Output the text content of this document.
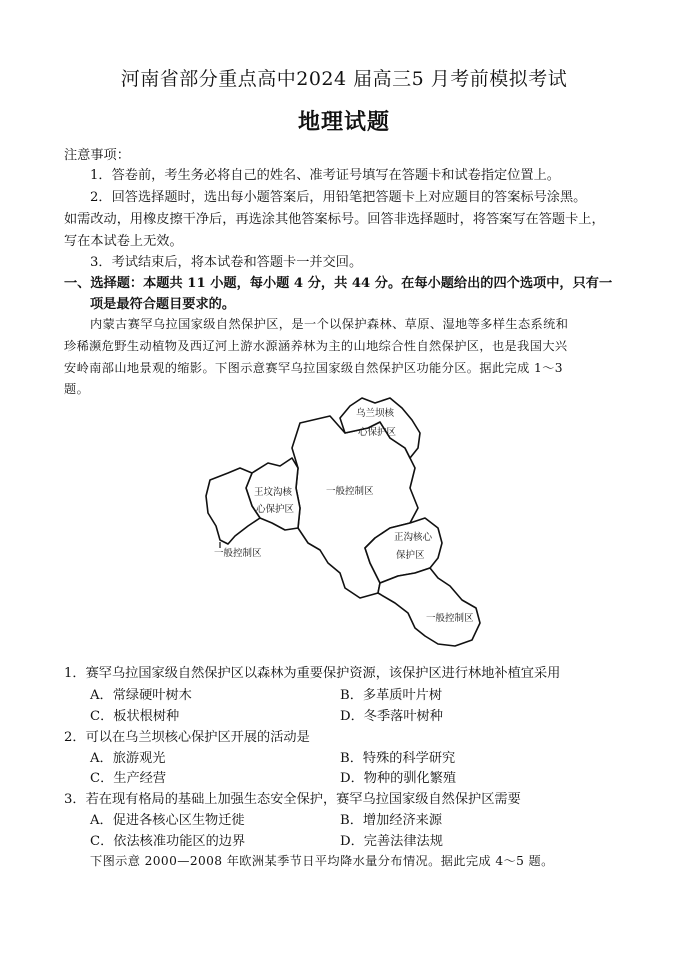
河南省部分重点高中2024 届高三5 月考前模拟考试
地理试题
注意事项：
1．答卷前，考生务必将自己的姓名、准考证号填写在答题卡和试卷指定位置上。
2．回答选择题时，选出每小题答案后，用铅笔把答题卡上对应题目的答案标号涂黑。
如需改动，用橡皮擦干净后，再选涂其他答案标号。回答非选择题时，将答案写在答题卡上，
写在本试卷上无效。
3．考试结束后，将本试卷和答题卡一并交回。
一、选择题：本题共 11 小题，每小题 4 分，共 44 分。在每小题给出的四个选项中，只有一
项是最符合题目要求的。
内蒙古赛罕乌拉国家级自然保护区，是一个以保护森林、草原、湿地等多样生态系统和
珍稀濒危野生动植物及西辽河上游水源涵养林为主的山地综合性自然保护区，也是我国大兴
安岭南部山地景观的缩影。下图示意赛罕乌拉国家级自然保护区功能分区。据此完成 1～3
题。
乌兰坝核
心保护区
一般控制区
王坟沟核
心保护区
正沟核心
保护区
一般控制区
一般控制区
1．赛罕乌拉国家级自然保护区以森林为重要保护资源，该保护区进行林地补植宜采用
A．常绿硬叶树木	B．多革质叶片树
C．板状根树种	D．冬季落叶树种
2．可以在乌兰坝核心保护区开展的活动是
A．旅游观光	B．特殊的科学研究
C．生产经营	D．物种的驯化繁殖
3．若在现有格局的基础上加强生态安全保护，赛罕乌拉国家级自然保护区需要
A．促进各核心区生物迁徙	B．增加经济来源
C．依法核准功能区的边界	D．完善法律法规
下图示意 2000—2008 年欧洲某季节日平均降水量分布情况。据此完成 4～5 题。
